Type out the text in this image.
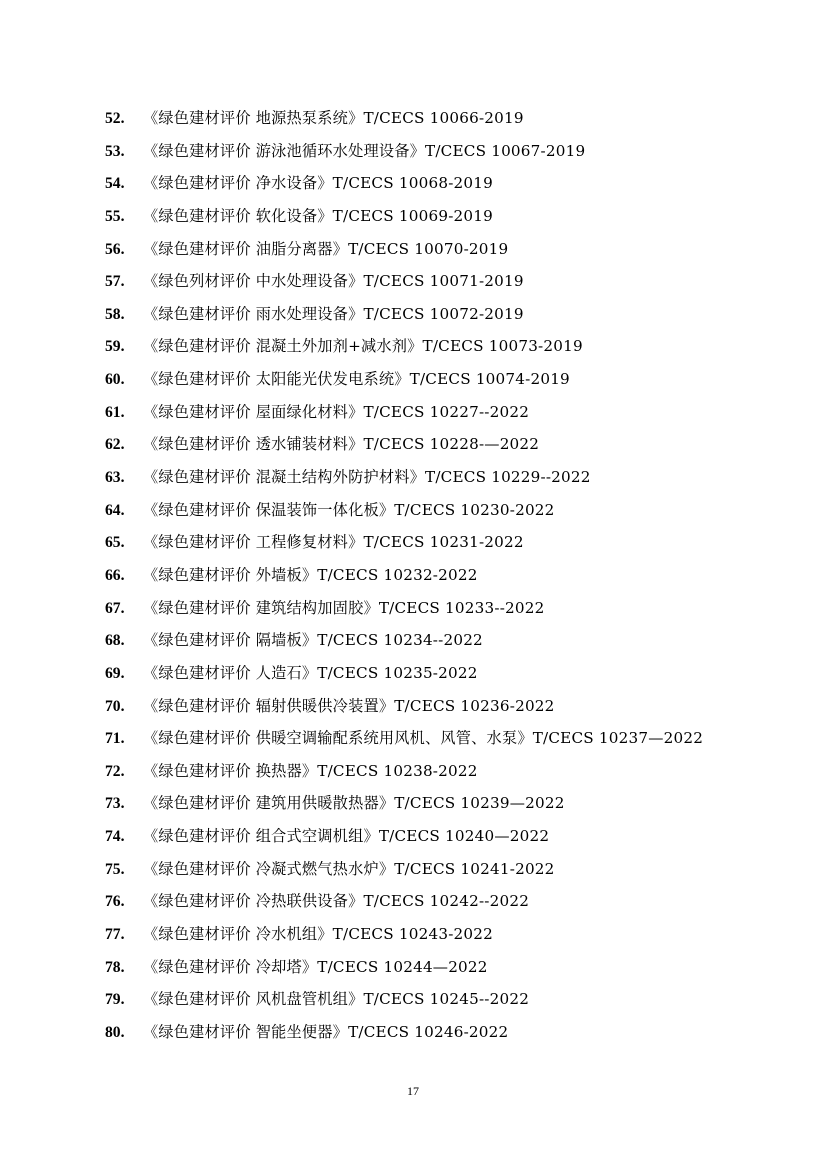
52. 《绿色建材评价 地源热泵系统》T/CECS 10066-2019
53. 《绿色建材评价 游泳池循环水处理设备》T/CECS 10067-2019
54. 《绿色建材评价 净水设备》T/CECS 10068-2019
55. 《绿色建材评价 软化设备》T/CECS 10069-2019
56. 《绿色建材评价 油脂分离器》T/CECS 10070-2019
57. 《绿色列材评价 中水处理设备》T/CECS 10071-2019
58. 《绿色建材评价 雨水处理设备》T/CECS 10072-2019
59. 《绿色建材评价 混凝土外加剂+减水剂》T/CECS 10073-2019
60. 《绿色建材评价 太阳能光伏发电系统》T/CECS 10074-2019
61. 《绿色建材评价 屋面绿化材料》T/CECS 10227--2022
62. 《绿色建材评价 透水铺装材料》T/CECS 10228-—2022
63. 《绿色建材评价 混凝土结构外防护材料》T/CECS 10229--2022
64. 《绿色建材评价 保温装饰一体化板》T/CECS 10230-2022
65. 《绿色建材评价 工程修复材料》T/CECS 10231-2022
66. 《绿色建材评价 外墙板》T/CECS 10232-2022
67. 《绿色建材评价 建筑结构加固胶》T/CECS 10233--2022
68. 《绿色建材评价 隔墙板》T/CECS 10234--2022
69. 《绿色建材评价 人造石》T/CECS 10235-2022
70. 《绿色建材评价 辐射供暖供冷装置》T/CECS 10236-2022
71. 《绿色建材评价 供暖空调输配系统用风机、风管、水泵》T/CECS 10237—2022
72. 《绿色建材评价 换热器》T/CECS 10238-2022
73. 《绿色建材评价 建筑用供暖散热器》T/CECS 10239—2022
74. 《绿色建材评价 组合式空调机组》T/CECS 10240—2022
75. 《绿色建材评价 冷凝式燃气热水炉》T/CECS 10241-2022
76. 《绿色建材评价 冷热联供设备》T/CECS 10242--2022
77. 《绿色建材评价 冷水机组》T/CECS 10243-2022
78. 《绿色建材评价 冷却塔》T/CECS 10244—2022
79. 《绿色建材评价 风机盘管机组》T/CECS 10245--2022
80. 《绿色建材评价 智能坐便器》T/CECS 10246-2022
17
